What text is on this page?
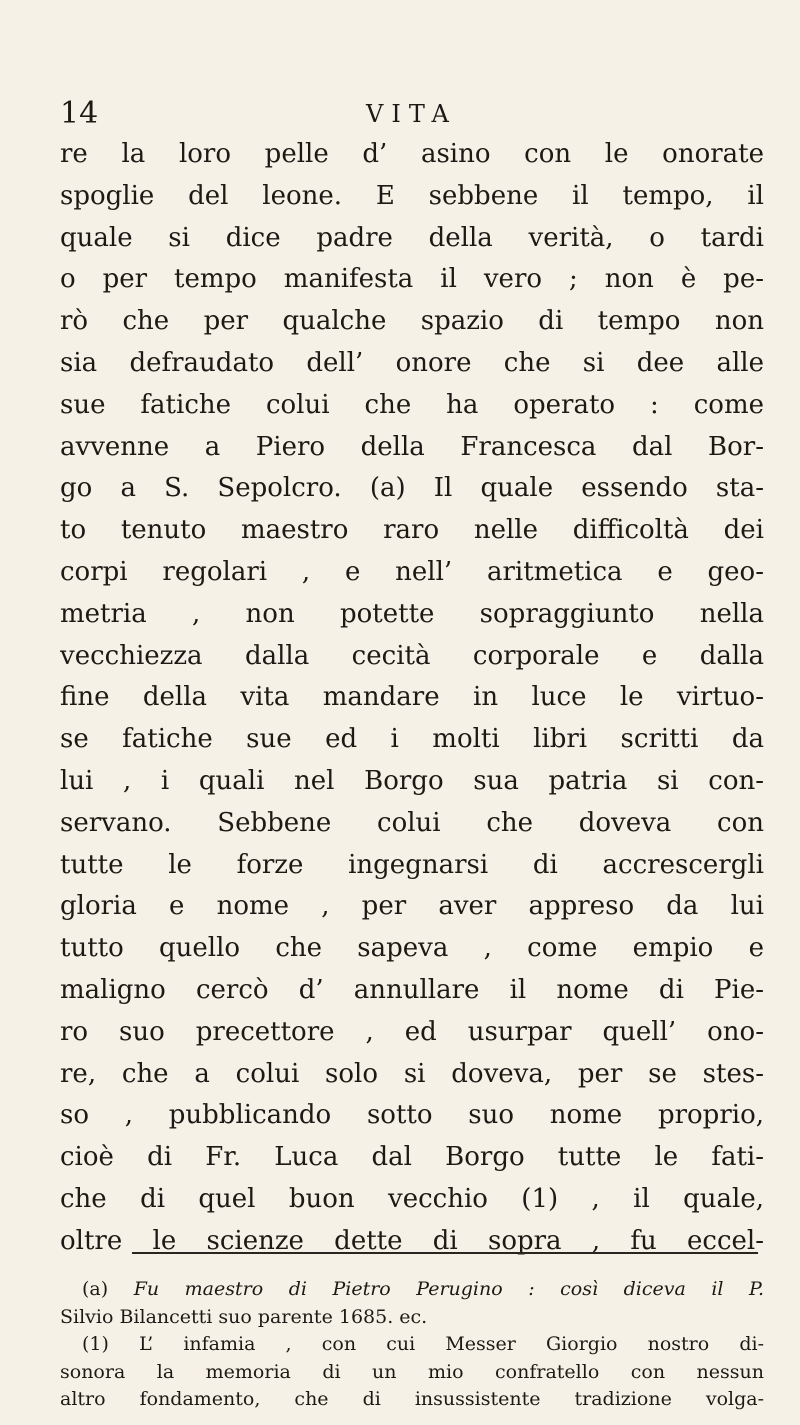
14	VITA
re la loro pelle d’ asino con le onorate
spoglie del leone. E sebbene il tempo, il
quale si dice padre della verità, o tardi
o per tempo manifesta il vero ; non è pe-
rò che per qualche spazio di tempo non
sia defraudato dell’ onore che si dee alle
sue fatiche colui che ha operato : come
avvenne a Piero della Francesca dal Bor-
go a S. Sepolcro. (a) Il quale essendo sta-
to tenuto maestro raro nelle difficoltà dei
corpi regolari , e nell’ aritmetica e geo-
metria , non potette sopraggiunto nella
vecchiezza dalla cecità corporale e dalla
fine della vita mandare in luce le virtuo-
se fatiche sue ed i molti libri scritti da
lui , i quali nel Borgo sua patria si con-
servano. Sebbene colui che doveva con
tutte le forze ingegnarsi di accrescergli
gloria e nome , per aver appreso da lui
tutto quello che sapeva , come empio e
maligno cercò d’ annullare il nome di Pie-
ro suo precettore , ed usurpar quell’ ono-
re, che a colui solo si doveva, per se stes-
so , pubblicando sotto suo nome proprio,
cioè di Fr. Luca dal Borgo tutte le fati-
che di quel buon vecchio (1) , il quale,
oltre le scienze dette di sopra , fu eccel-
(a) Fu maestro di Pietro Perugino : così diceva il P.
Silvio Bilancetti suo parente 1685. ec.
(1) L’ infamia , con cui Messer Giorgio nostro di-
sonora la memoria di un mio confratello con nessun
altro fondamento, che di insussistente tradizione volga-
